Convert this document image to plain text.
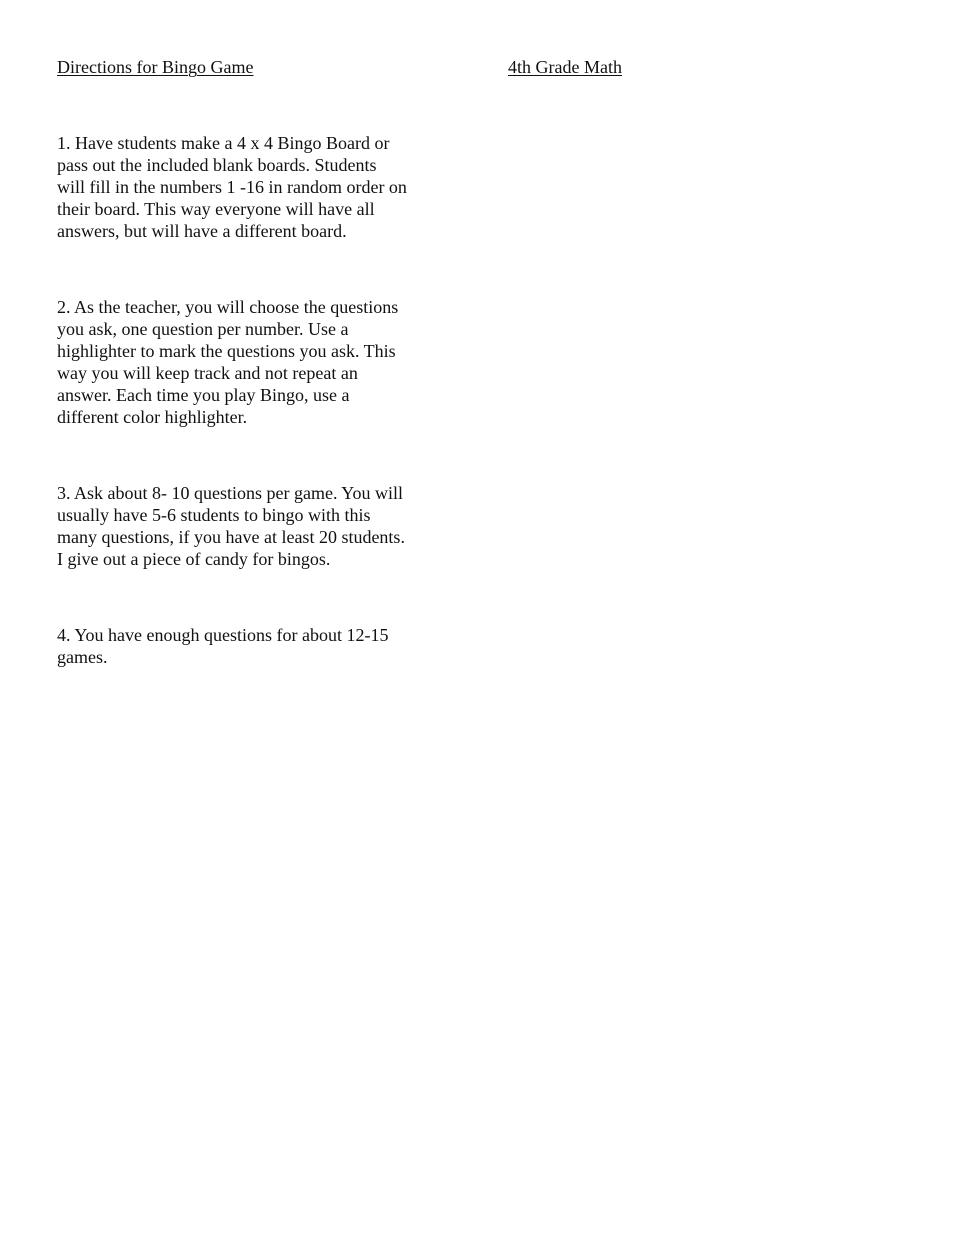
Directions for Bingo Game	4th Grade Math

1. Have students make a 4 x 4 Bingo Board or
pass out the included blank boards. Students
will fill in the numbers 1 -16 in random order on
their board. This way everyone will have all
answers, but will have a different board.

2. As the teacher, you will choose the questions
you ask, one question per number. Use a
highlighter to mark the questions you ask. This
way you will keep track and not repeat an
answer. Each time you play Bingo, use a
different color highlighter.

3. Ask about 8- 10 questions per game. You will
usually have 5-6 students to bingo with this
many questions, if you have at least 20 students.
I give out a piece of candy for bingos.

4. You have enough questions for about 12-15
games.
